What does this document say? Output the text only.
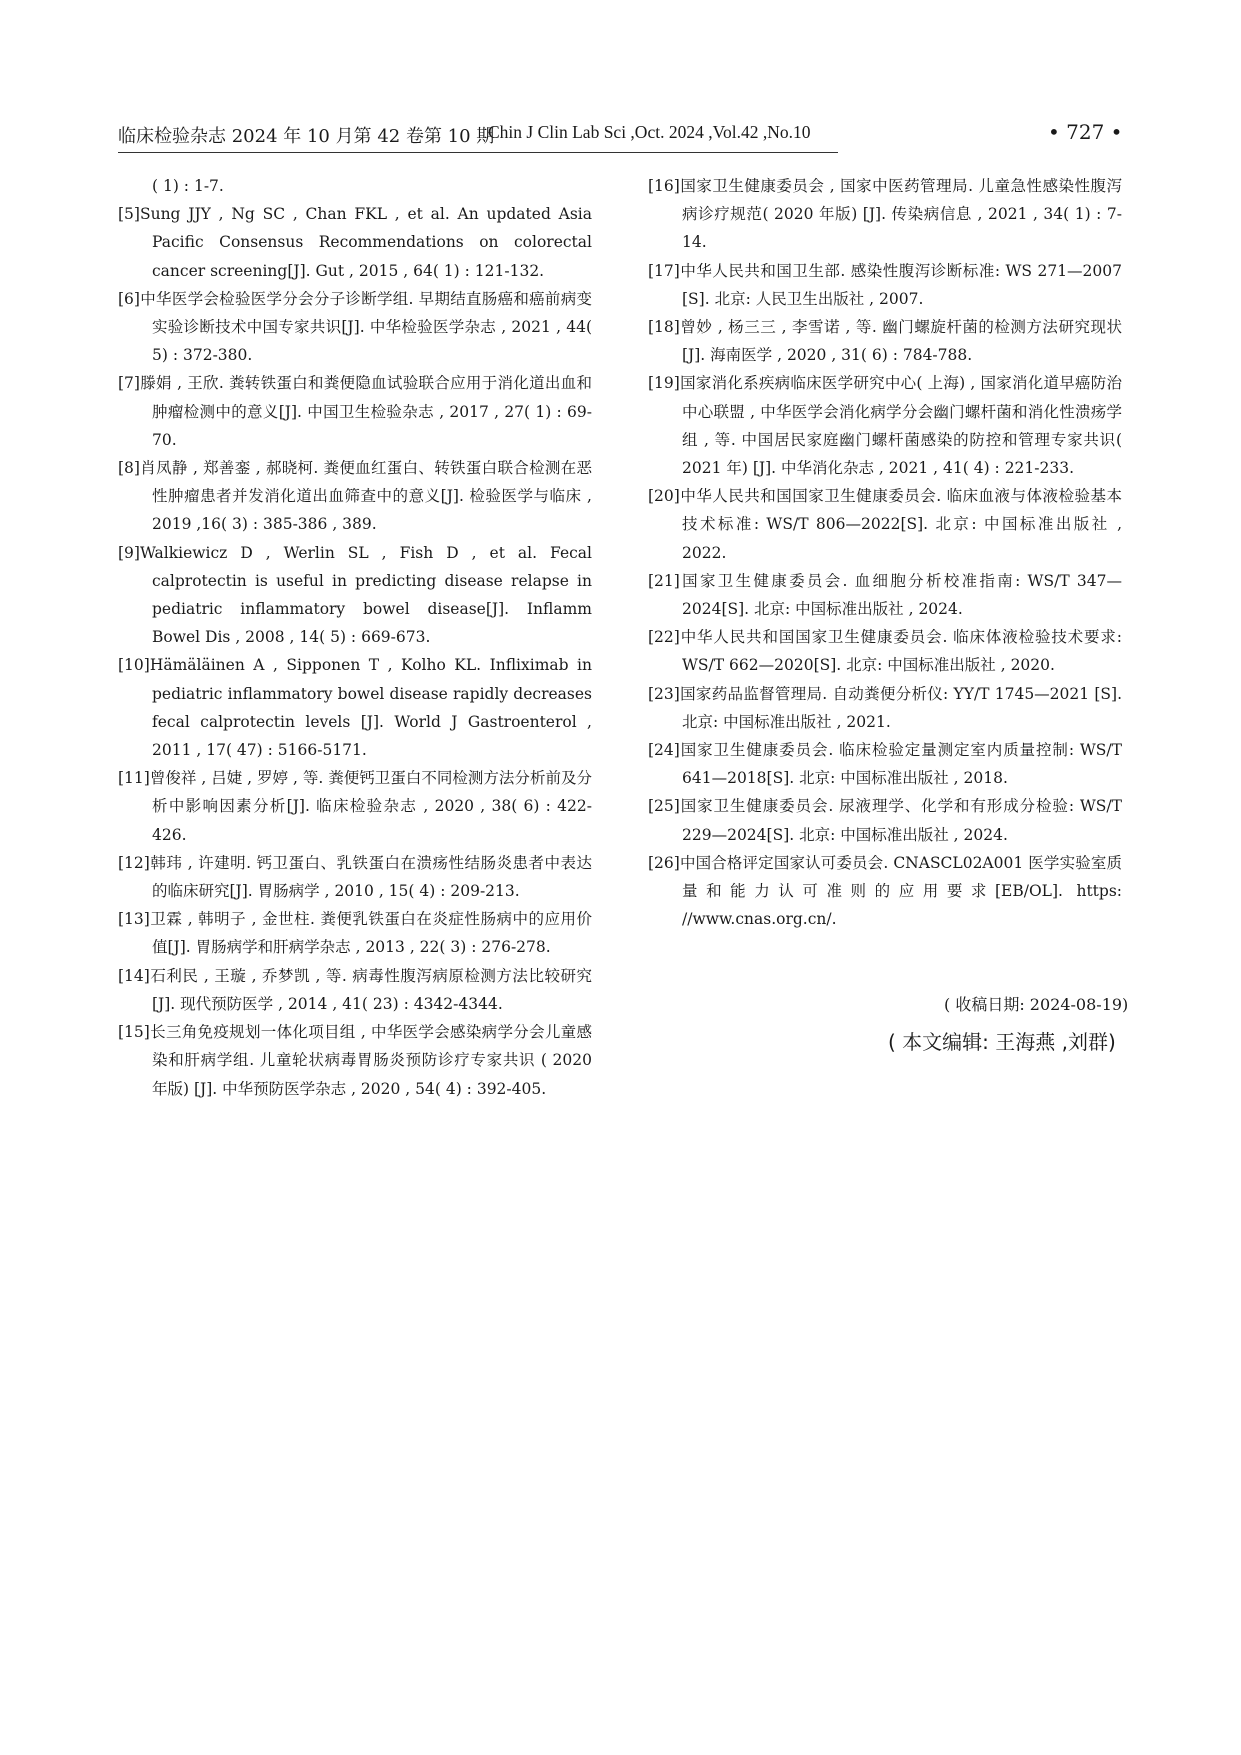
临床检验杂志 2024 年 10 月第 42 卷第 10 期
Chin J Clin Lab Sci ,Oct. 2024 ,Vol.42 ,No.10	• 727 •

( 1) : 1-7.

[5]Sung JJY , Ng SC , Chan FKL , et al. An updated Asia Pacific Consensus Recommendations on colorectal cancer screening[J]. Gut , 2015 , 64( 1) : 121-132.

[6]中华医学会检验医学分会分子诊断学组. 早期结直肠癌和癌前病变实验诊断技术中国专家共识[J]. 中华检验医学杂志 , 2021 , 44( 5) : 372-380.

[7]滕娟 , 王欣. 粪转铁蛋白和粪便隐血试验联合应用于消化道出血和肿瘤检测中的意义[J]. 中国卫生检验杂志 , 2017 , 27( 1) : 69-70.

[8]肖凤静 , 郑善銮 , 郝晓柯. 粪便血红蛋白、转铁蛋白联合检测在恶性肿瘤患者并发消化道出血筛查中的意义[J]. 检验医学与临床 , 2019 ,16( 3) : 385-386 , 389.

[9]Walkiewicz D , Werlin SL , Fish D , et al. Fecal calprotectin is useful in predicting disease relapse in pediatric inflammatory bowel disease[J]. Inflamm Bowel Dis , 2008 , 14( 5) : 669-673.

[10]Hämäläinen A , Sipponen T , Kolho KL. Infliximab in pediatric inflammatory bowel disease rapidly decreases fecal calprotectin levels [J]. World J Gastroenterol , 2011 , 17( 47) : 5166-5171.

[11]曾俊祥 , 吕婕 , 罗婷 , 等. 粪便钙卫蛋白不同检测方法分析前及分析中影响因素分析[J]. 临床检验杂志 , 2020 , 38( 6) : 422-426.

[12]韩玮 , 许建明. 钙卫蛋白、乳铁蛋白在溃疡性结肠炎患者中表达的临床研究[J]. 胃肠病学 , 2010 , 15( 4) : 209-213.

[13]卫霖 , 韩明子 , 金世柱. 粪便乳铁蛋白在炎症性肠病中的应用价值[J]. 胃肠病学和肝病学杂志 , 2013 , 22( 3) : 276-278.

[14]石利民 , 王璇 , 乔梦凯 , 等. 病毒性腹泻病原检测方法比较研究[J]. 现代预防医学 , 2014 , 41( 23) : 4342-4344.

[15]长三角免疫规划一体化项目组 , 中华医学会感染病学分会儿童感染和肝病学组. 儿童轮状病毒胃肠炎预防诊疗专家共识 ( 2020 年版) [J]. 中华预防医学杂志 , 2020 , 54( 4) : 392-405.

[16]国家卫生健康委员会 , 国家中医药管理局. 儿童急性感染性腹泻病诊疗规范( 2020 年版) [J]. 传染病信息 , 2021 , 34( 1) : 7-14.

[17]中华人民共和国卫生部. 感染性腹泻诊断标准: WS 271—2007 [S]. 北京: 人民卫生出版社 , 2007.

[18]曾妙 , 杨三三 , 李雪诺 , 等. 幽门螺旋杆菌的检测方法研究现状[J]. 海南医学 , 2020 , 31( 6) : 784-788.

[19]国家消化系疾病临床医学研究中心( 上海) , 国家消化道早癌防治中心联盟 , 中华医学会消化病学分会幽门螺杆菌和消化性溃疡学组 , 等. 中国居民家庭幽门螺杆菌感染的防控和管理专家共识( 2021 年) [J]. 中华消化杂志 , 2021 , 41( 4) : 221-233.

[20]中华人民共和国国家卫生健康委员会. 临床血液与体液检验基本技术标准: WS/T 806—2022[S]. 北京: 中国标准出版社 , 2022.

[21]国家卫生健康委员会. 血细胞分析校准指南: WS/T 347—2024[S]. 北京: 中国标准出版社 , 2024.

[22]中华人民共和国国家卫生健康委员会. 临床体液检验技术要求: WS/T 662—2020[S]. 北京: 中国标准出版社 , 2020.

[23]国家药品监督管理局. 自动粪便分析仪: YY/T 1745—2021 [S]. 北京: 中国标准出版社 , 2021.

[24]国家卫生健康委员会. 临床检验定量测定室内质量控制: WS/T 641—2018[S]. 北京: 中国标准出版社 , 2018.

[25]国家卫生健康委员会. 尿液理学、化学和有形成分检验: WS/T 229—2024[S]. 北京: 中国标准出版社 , 2024.

[26]中国合格评定国家认可委员会. CNASCL02A001 医学实验室质量和能力认可准则的应用要求[EB/OL]. https: //www.cnas.org.cn/.

( 收稿日期: 2024-08-19)
( 本文编辑: 王海燕 ,刘群)
